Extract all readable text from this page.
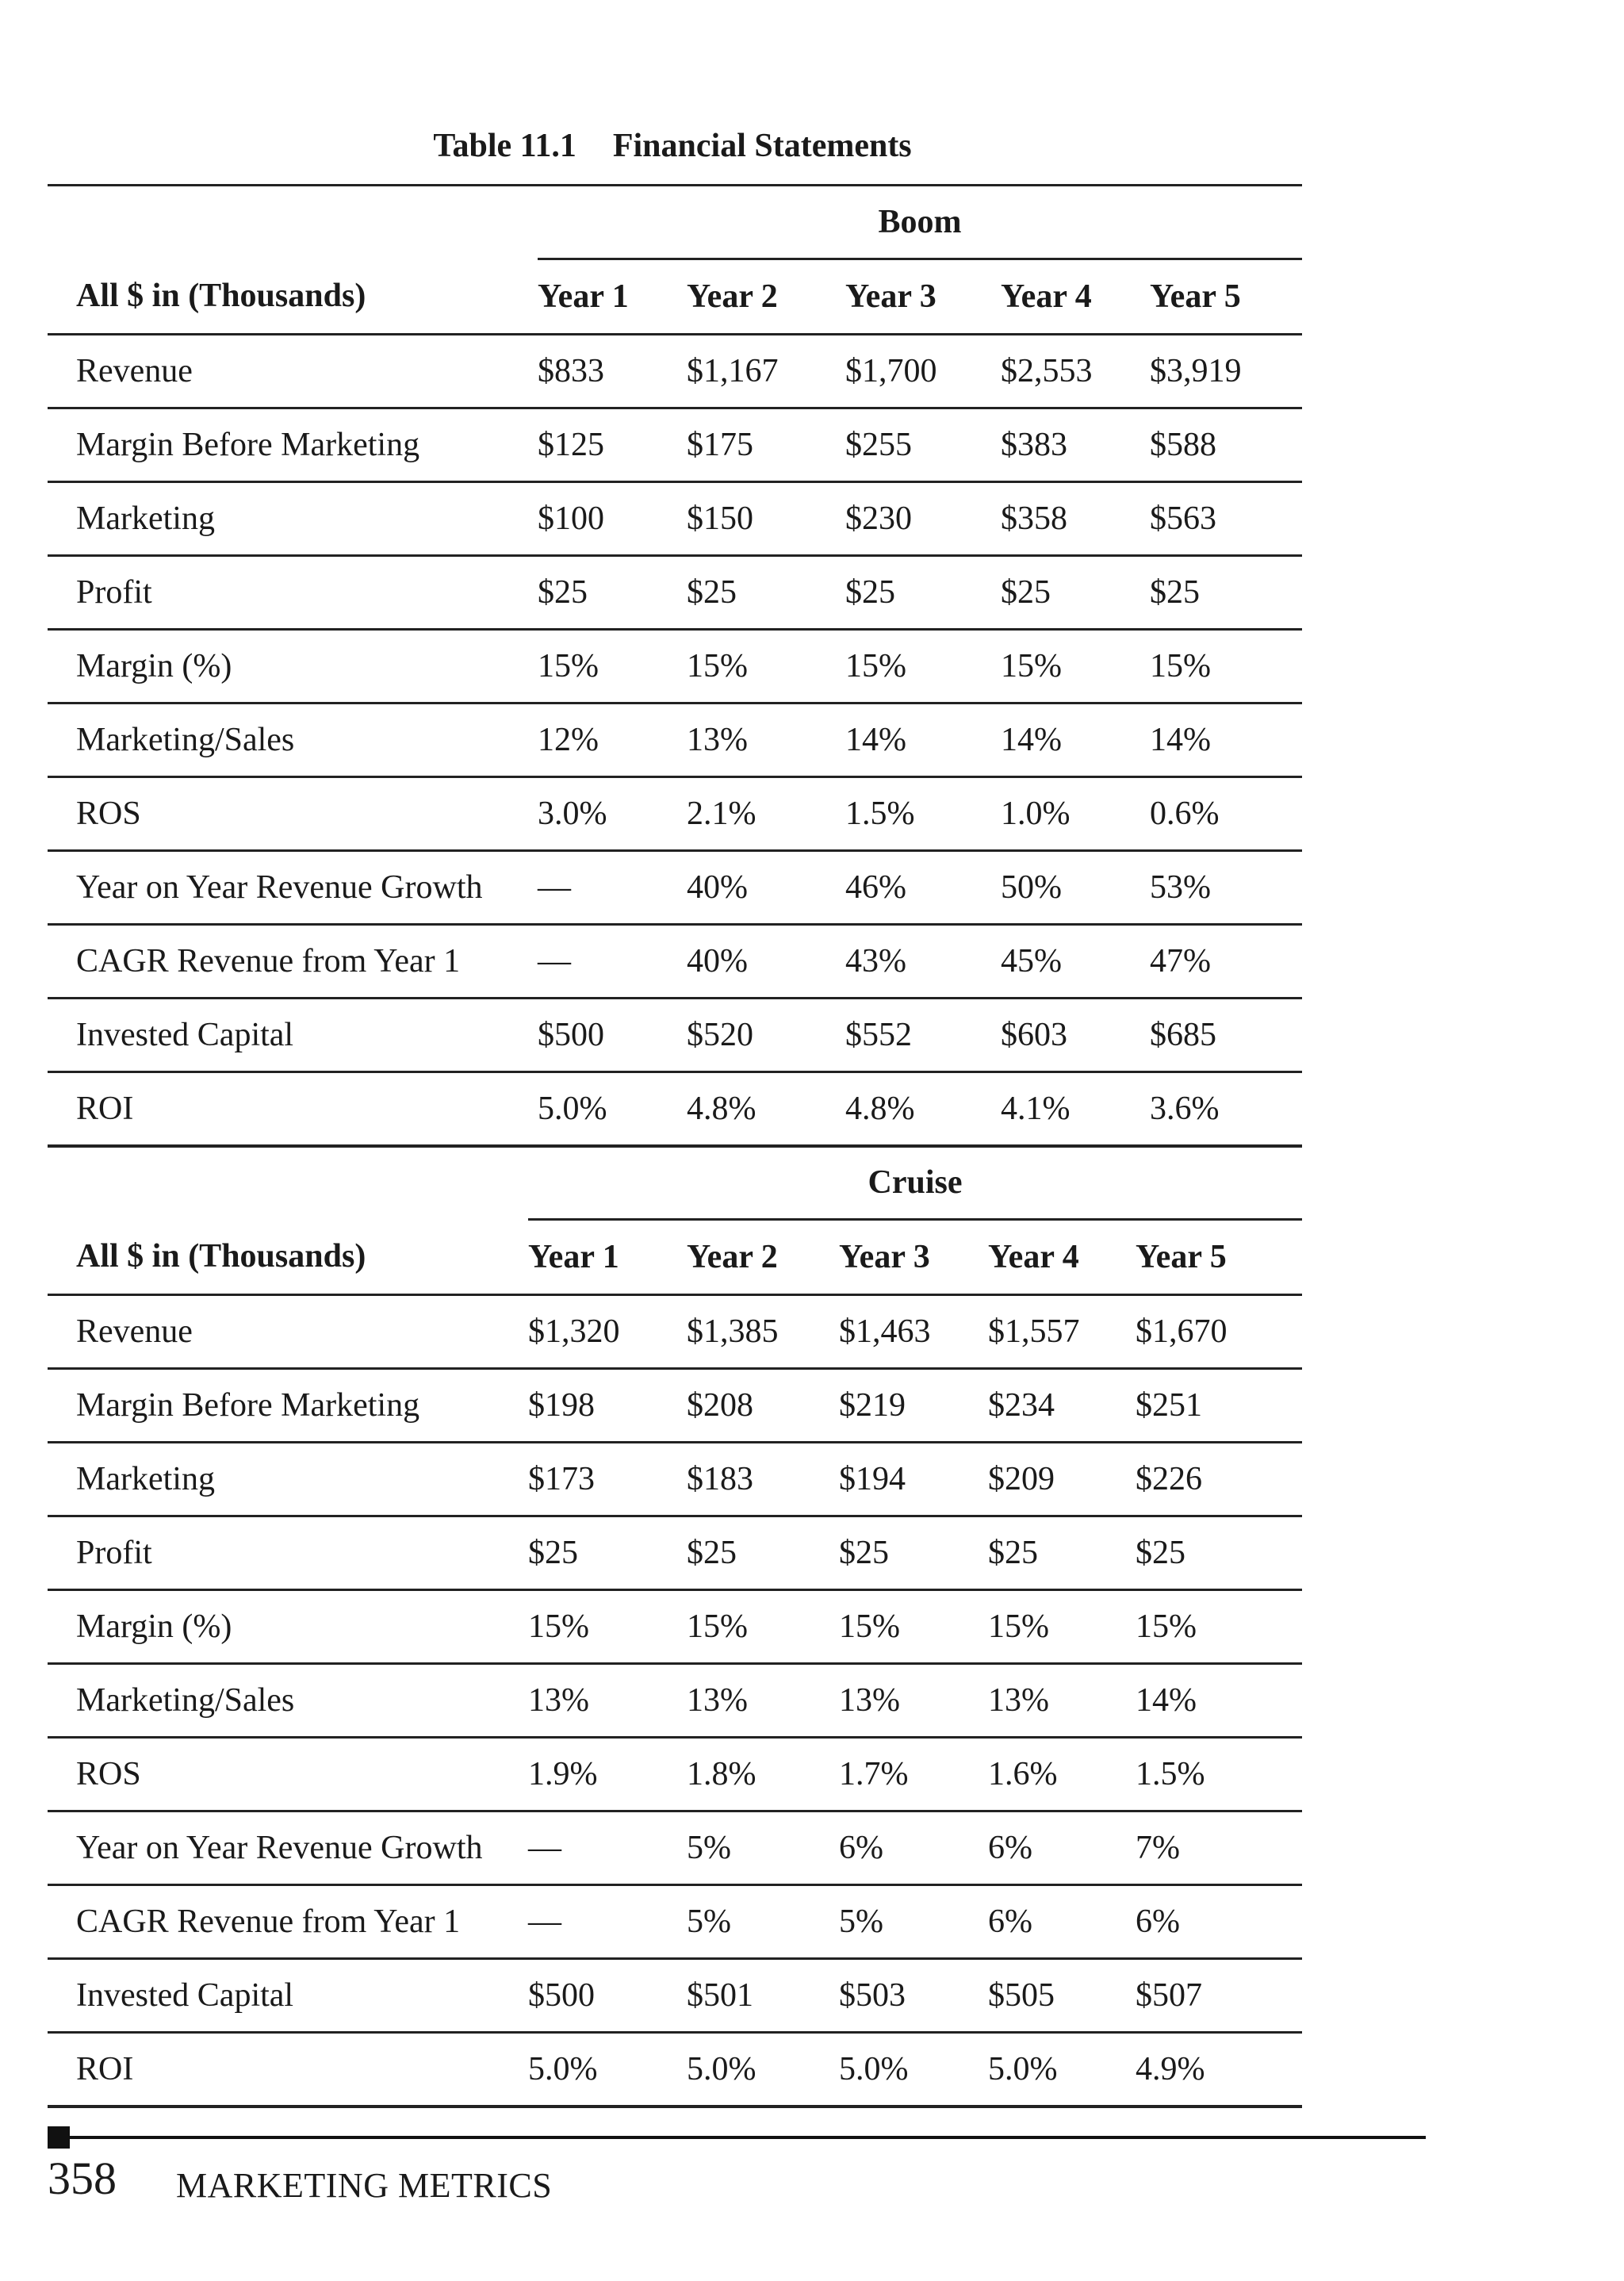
Table 11.1 Financial Statements
	Boom				
All $ in (Thousands)	Year 1	Year 2	Year 3	Year 4	Year 5
Revenue	$833	$1,167	$1,700	$2,553	$3,919
Margin Before Marketing	$125	$175	$255	$383	$588
Marketing	$100	$150	$230	$358	$563
Profit	$25	$25	$25	$25	$25
Margin (%)	15%	15%	15%	15%	15%
Marketing/Sales	12%	13%	14%	14%	14%
ROS	3.0%	2.1%	1.5%	1.0%	0.6%
Year on Year Revenue Growth	—	40%	46%	50%	53%
CAGR Revenue from Year 1	—	40%	43%	45%	47%
Invested Capital	$500	$520	$552	$603	$685
ROI	5.0%	4.8%	4.8%	4.1%	3.6%
	Cruise				
All $ in (Thousands)	Year 1	Year 2	Year 3	Year 4	Year 5
Revenue	$1,320	$1,385	$1,463	$1,557	$1,670
Margin Before Marketing	$198	$208	$219	$234	$251
Marketing	$173	$183	$194	$209	$226
Profit	$25	$25	$25	$25	$25
Margin (%)	15%	15%	15%	15%	15%
Marketing/Sales	13%	13%	13%	13%	14%
ROS	1.9%	1.8%	1.7%	1.6%	1.5%
Year on Year Revenue Growth	—	5%	6%	6%	7%
CAGR Revenue from Year 1	—	5%	5%	6%	6%
Invested Capital	$500	$501	$503	$505	$507
ROI	5.0%	5.0%	5.0%	5.0%	4.9%
358 MARKETING METRICS
